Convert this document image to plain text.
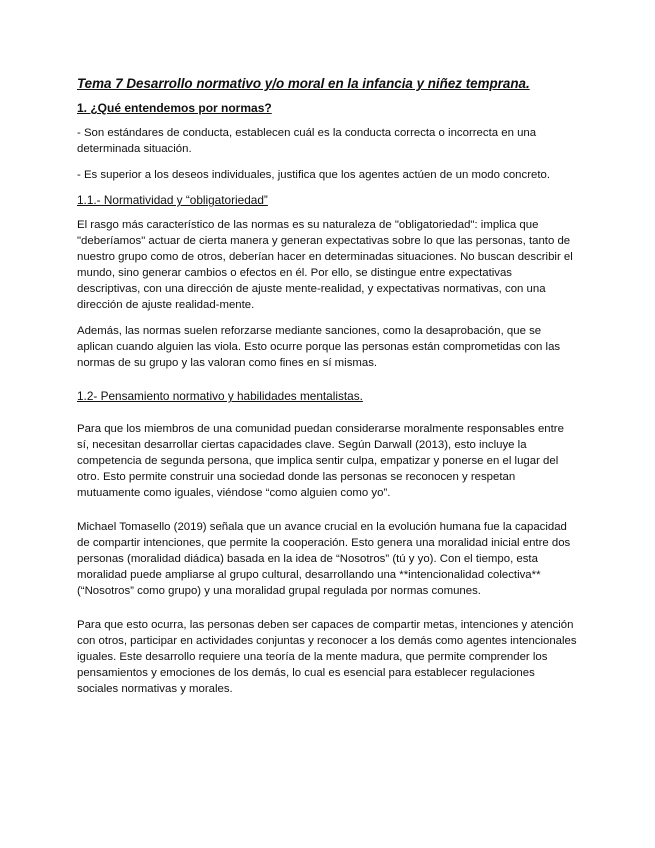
Tema 7 Desarrollo normativo y/o moral en la infancia y niñez temprana.
1. ¿Qué entendemos por normas?

- Son estándares de conducta, establecen cuál es la conducta correcta o incorrecta en una determinada situación.

- Es superior a los deseos individuales, justifica que los agentes actúen de un modo concreto.

1.1.- Normatividad y “obligatoriedad”

El rasgo más característico de las normas es su naturaleza de "obligatoriedad": implica que "deberíamos" actuar de cierta manera y generan expectativas sobre lo que las personas, tanto de nuestro grupo como de otros, deberían hacer en determinadas situaciones. No buscan describir el mundo, sino generar cambios o efectos en él. Por ello, se distingue entre expectativas descriptivas, con una dirección de ajuste mente-realidad, y expectativas normativas, con una dirección de ajuste realidad-mente.

Además, las normas suelen reforzarse mediante sanciones, como la desaprobación, que se aplican cuando alguien las viola. Esto ocurre porque las personas están comprometidas con las normas de su grupo y las valoran como fines en sí mismas.

1.2- Pensamiento normativo y habilidades mentalistas.

Para que los miembros de una comunidad puedan considerarse moralmente responsables entre sí, necesitan desarrollar ciertas capacidades clave. Según Darwall (2013), esto incluye la competencia de segunda persona, que implica sentir culpa, empatizar y ponerse en el lugar del otro. Esto permite construir una sociedad donde las personas se reconocen y respetan mutuamente como iguales, viéndose “como alguien como yo”.

Michael Tomasello (2019) señala que un avance crucial en la evolución humana fue la capacidad de compartir intenciones, que permite la cooperación. Esto genera una moralidad inicial entre dos personas (moralidad diádica) basada en la idea de “Nosotros” (tú y yo). Con el tiempo, esta moralidad puede ampliarse al grupo cultural, desarrollando una **intencionalidad colectiva** (“Nosotros” como grupo) y una moralidad grupal regulada por normas comunes.

Para que esto ocurra, las personas deben ser capaces de compartir metas, intenciones y atención con otros, participar en actividades conjuntas y reconocer a los demás como agentes intencionales iguales. Este desarrollo requiere una teoría de la mente madura, que permite comprender los pensamientos y emociones de los demás, lo cual es esencial para establecer regulaciones sociales normativas y morales.
